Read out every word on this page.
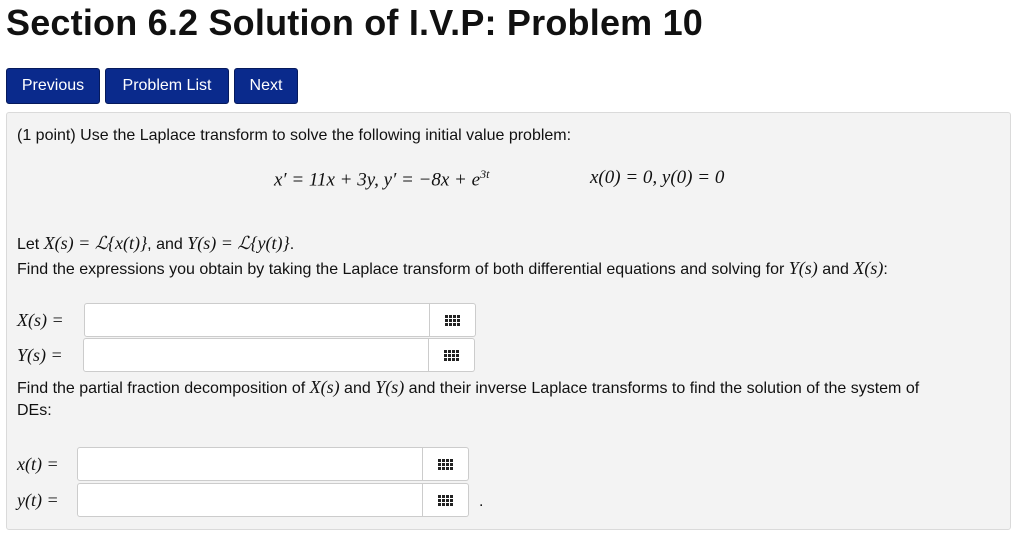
Section 6.2 Solution of I.V.P: Problem 10
Previous	Problem List	Next
(1 point) Use the Laplace transform to solve the following initial value problem:
x′ = 11x + 3y, $y' = -8x + e^{3t}$	x(0) = 0, y(0) = 0
Let X(s) = ℒ{x(t)}, and Y(s) = ℒ{y(t)}.
Find the expressions you obtain by taking the Laplace transform of both differential equations and solving for Y(s) and X(s):
X(s) =
Y(s) =
Find the partial fraction decomposition of X(s) and Y(s) and their inverse Laplace transforms to find the solution of the system of
DEs:
x(t) =
y(t) =	.
